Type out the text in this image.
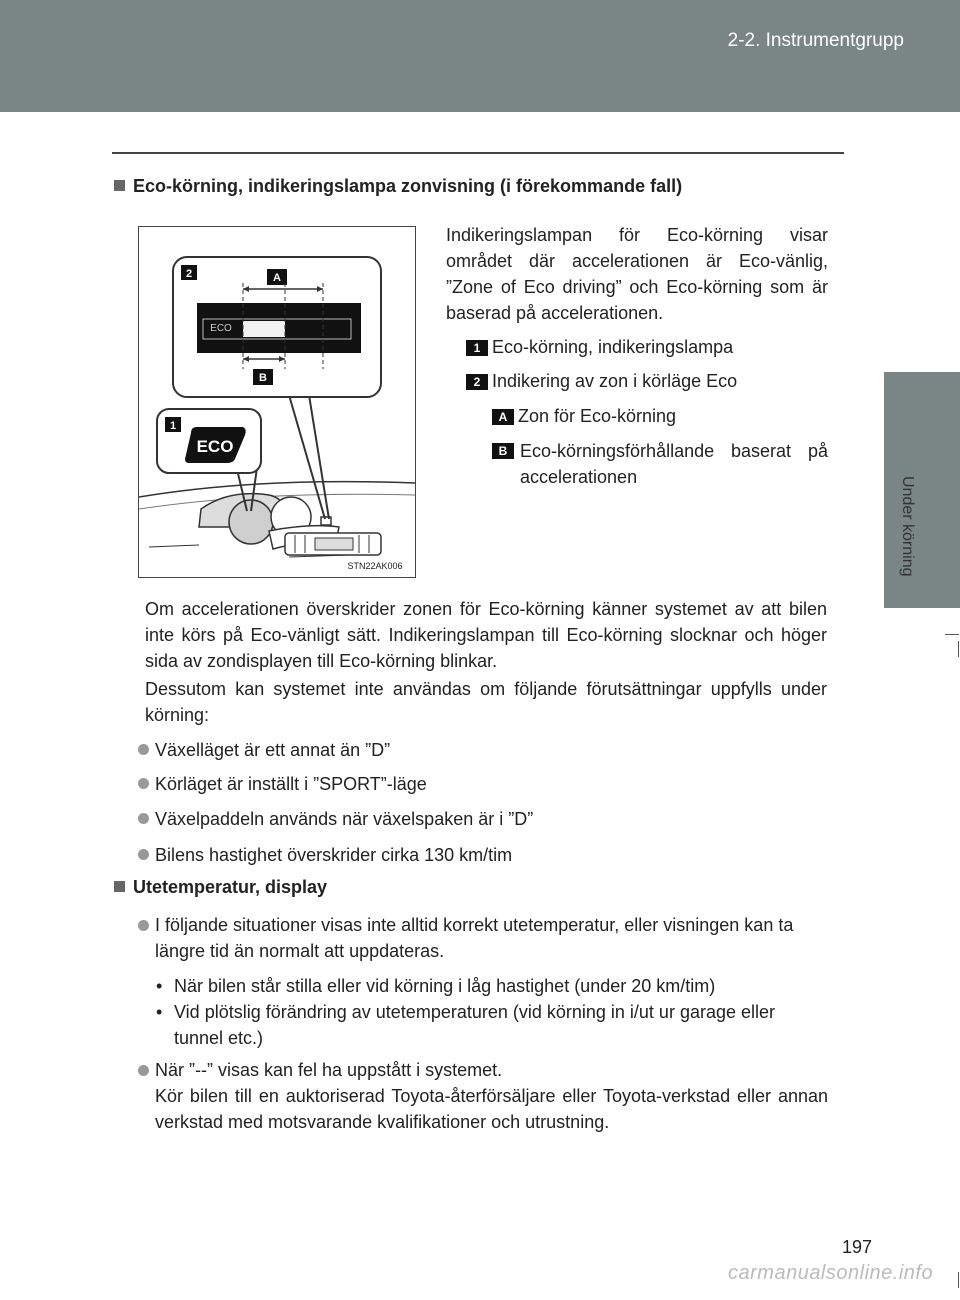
2-2. Instrumentgrupp
2
Under körning
Eco-körning, indikeringslampa zonvisning (i förekommande fall)
2	A
ECO
B
1
ECO
STN22AK006
Indikeringslampan för Eco-körning visar området där accelerationen är Eco-vänlig, ”Zone of Eco driving” och Eco-körning som är baserad på accelerationen.
1 Eco-körning, indikeringslampa
2 Indikering av zon i körläge Eco
A Zon för Eco-körning
B Eco-körningsförhållande baserat på accelerationen
Om accelerationen överskrider zonen för Eco-körning känner systemet av att bilen inte körs på Eco-vänligt sätt. Indikeringslampan till Eco-körning slocknar och höger sida av zondisplayen till Eco-körning blinkar.
Dessutom kan systemet inte användas om följande förutsättningar uppfylls under körning:
Växelläget är ett annat än ”D”
Körläget är inställt i ”SPORT”-läge
Växelpaddeln används när växelspaken är i ”D”
Bilens hastighet överskrider cirka 130 km/tim
Utetemperatur, display
I följande situationer visas inte alltid korrekt utetemperatur, eller visningen kan ta längre tid än normalt att uppdateras.
• När bilen står stilla eller vid körning i låg hastighet (under 20 km/tim)
• Vid plötslig förändring av utetemperaturen (vid körning in i/ut ur garage eller tunnel etc.)
När ”--” visas kan fel ha uppstått i systemet.
Kör bilen till en auktoriserad Toyota-återförsäljare eller Toyota-verkstad eller annan verkstad med motsvarande kvalifikationer och utrustning.
197
carmanualsonline.info
